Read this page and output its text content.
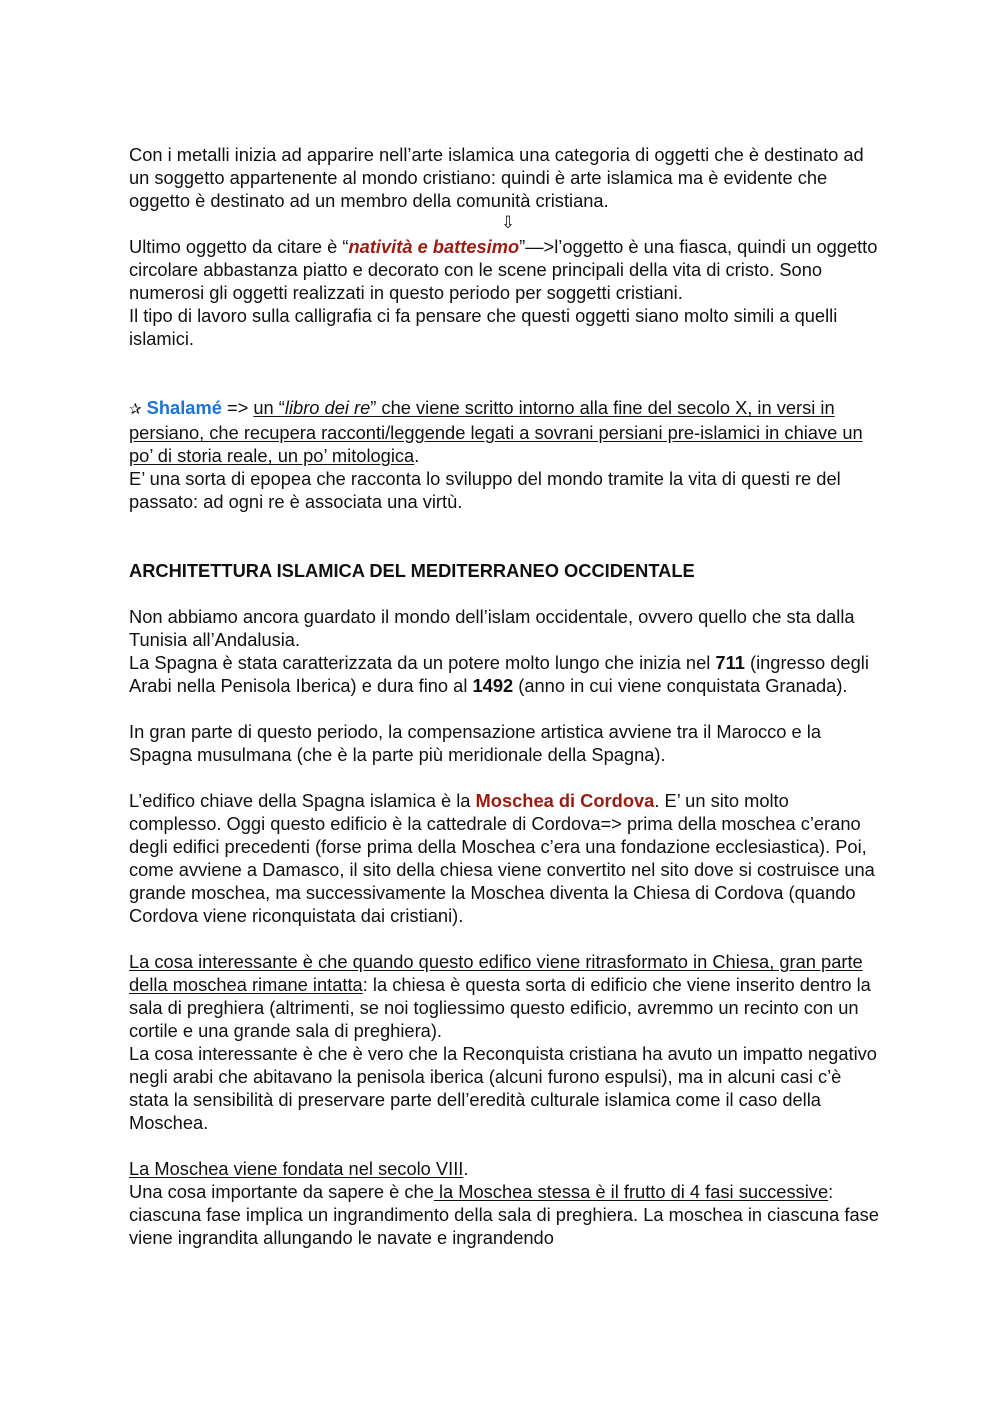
Con i metalli inizia ad apparire nell’arte islamica una categoria di oggetti che è destinato ad un soggetto appartenente al mondo cristiano: quindi è arte islamica ma è evidente che oggetto è destinato ad un membro della comunità cristiana.

⇩

Ultimo oggetto da citare è “natività e battesimo”—>l’oggetto è una fiasca, quindi un oggetto circolare abbastanza piatto e decorato con le scene principali della vita di cristo. Sono numerosi gli oggetti realizzati in questo periodo per soggetti cristiani.

Il tipo di lavoro sulla calligrafia ci fa pensare che questi oggetti siano molto simili a quelli islamici.

✰ Shalamé => un “libro dei re” che viene scritto intorno alla fine del secolo X, in versi in persiano, che recupera racconti/leggende legati a sovrani persiani pre-islamici in chiave un po’ di storia reale, un po’ mitologica.

E’ una sorta di epopea che racconta lo sviluppo del mondo tramite la vita di questi re del passato: ad ogni re è associata una virtù.

ARCHITETTURA ISLAMICA DEL MEDITERRANEO OCCIDENTALE

Non abbiamo ancora guardato il mondo dell’islam occidentale, ovvero quello che sta dalla Tunisia all’Andalusia.

La Spagna è stata caratterizzata da un potere molto lungo che inizia nel 711 (ingresso degli Arabi nella Penisola Iberica) e dura fino al 1492 (anno in cui viene conquistata Granada).

In gran parte di questo periodo, la compensazione artistica avviene tra il Marocco e la Spagna musulmana (che è la parte più meridionale della Spagna).

L’edifico chiave della Spagna islamica è la Moschea di Cordova. E’ un sito molto complesso. Oggi questo edificio è la cattedrale di Cordova=> prima della moschea c’erano degli edifici precedenti (forse prima della Moschea c’era una fondazione ecclesiastica). Poi, come avviene a Damasco, il sito della chiesa viene convertito nel sito dove si costruisce una grande moschea, ma successivamente la Moschea diventa la Chiesa di Cordova (quando Cordova viene riconquistata dai cristiani).

La cosa interessante è che quando questo edifico viene ritrasformato in Chiesa, gran parte della moschea rimane intatta: la chiesa è questa sorta di edificio che viene inserito dentro la sala di preghiera (altrimenti, se noi togliessimo questo edificio, avremmo un recinto con un cortile e una grande sala di preghiera).

La cosa interessante è che è vero che la Reconquista cristiana ha avuto un impatto negativo negli arabi che abitavano la penisola iberica (alcuni furono espulsi), ma in alcuni casi c’è stata la sensibilità di preservare parte dell’eredità culturale islamica come il caso della Moschea.

La Moschea viene fondata nel secolo VIII.

Una cosa importante da sapere è che la Moschea stessa è il frutto di 4 fasi successive: ciascuna fase implica un ingrandimento della sala di preghiera. La moschea in ciascuna fase viene ingrandita allungando le navate e ingrandendo
